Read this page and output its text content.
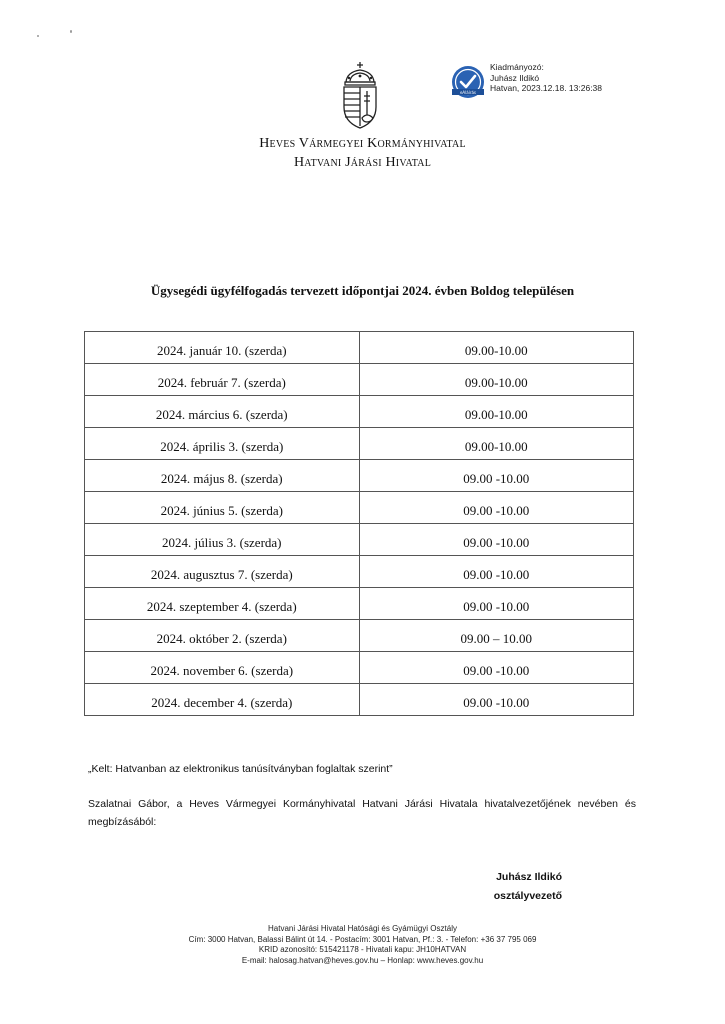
eAláírás
Kiadmányozó:
Juhász Ildikó
Hatvan, 2023.12.18. 13:26:38
Heves Vármegyei Kormányhivatal
Hatvani Járási Hivatal
Ügysegédi ügyfélfogadás tervezett időpontjai 2024. évben Boldog településen
2024. január 10. (szerda)	09.00-10.00
2024. február 7. (szerda)	09.00-10.00
2024. március 6. (szerda)	09.00-10.00
2024. április 3. (szerda)	09.00-10.00
2024. május 8. (szerda)	09.00 -10.00
2024. június 5. (szerda)	09.00 -10.00
2024. július 3. (szerda)	09.00 -10.00
2024. augusztus 7. (szerda)	09.00 -10.00
2024. szeptember 4. (szerda)	09.00 -10.00
2024. október 2. (szerda)	09.00 – 10.00
2024. november 6. (szerda)	09.00 -10.00
2024. december 4. (szerda)	09.00 -10.00
„Kelt: Hatvanban az elektronikus tanúsítványban foglaltak szerint”
Szalatnai Gábor, a Heves Vármegyei Kormányhivatal Hatvani Járási Hivatala hivatalvezetőjének nevében és megbízásából:
Juhász Ildikó
osztályvezető
Hatvani Járási Hivatal Hatósági és Gyámügyi Osztály
Cím: 3000 Hatvan, Balassi Bálint út 14. - Postacím: 3001 Hatvan, Pf.: 3. - Telefon: +36 37 795 069
KRID azonosító: 515421178 - Hivatali kapu: JH10HATVAN
E-mail: halosag.hatvan@heves.gov.hu – Honlap: www.heves.gov.hu
